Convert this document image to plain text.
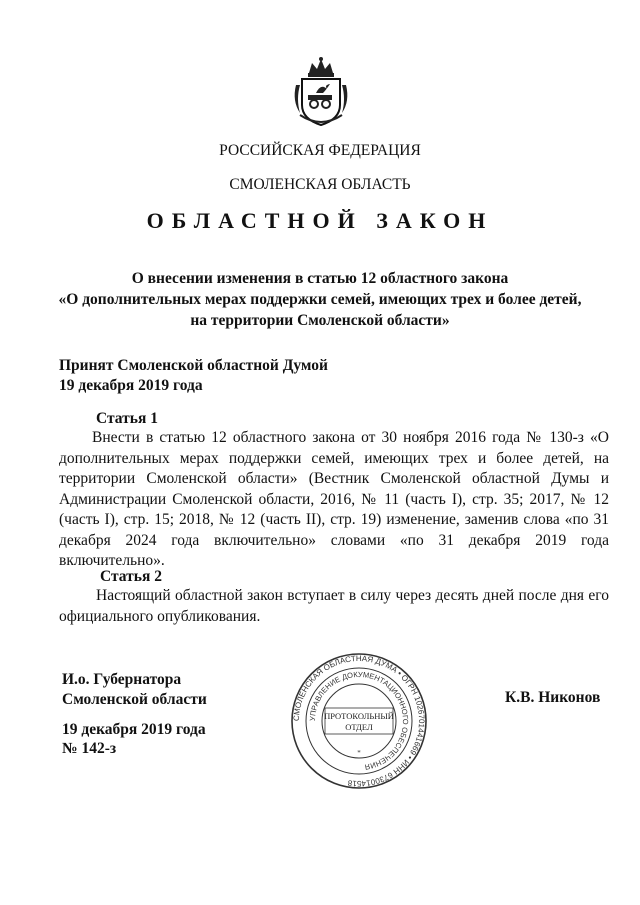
РОССИЙСКАЯ ФЕДЕРАЦИЯ
СМОЛЕНСКАЯ ОБЛАСТЬ
ОБЛАСТНОЙ ЗАКОН
О внесении изменения в статью 12 областного закона
«О дополнительных мерах поддержки семей, имеющих трех и более детей,
на территории Смоленской области»
Принят Смоленской областной Думой
19 декабря 2019 года
Статья 1

Внести в статью 12 областного закона от 30 ноября 2016 года № 130-з «О дополнительных мерах поддержки семей, имеющих трех и более детей, на территории Смоленской области» (Вестник Смоленской областной Думы и Администрации Смоленской области, 2016, № 11 (часть I), стр. 35; 2017, № 12 (часть I), стр. 15; 2018, № 12 (часть II), стр. 19) изменение, заменив слова «по 31 декабря 2024 года включительно» словами «по 31 декабря 2019 года включительно».

Статья 2

Настоящий областной закон вступает в силу через десять дней после дня его официального опубликования.

И.о. Губернатора
Смоленской области
19 декабря 2019 года
№ 142-з
К.В. Никонов
СМОЛЕНСКАЯ ОБЛАСТНАЯ ДУМА • ОГРН 1026701441669 • ИНН 6730014518
УПРАВЛЕНИЕ ДОКУМЕНТАЦИОННОГО ОБЕСПЕЧЕНИЯ
ПРОТОКОЛЬНЫЙ
ОТДЕЛ
*
